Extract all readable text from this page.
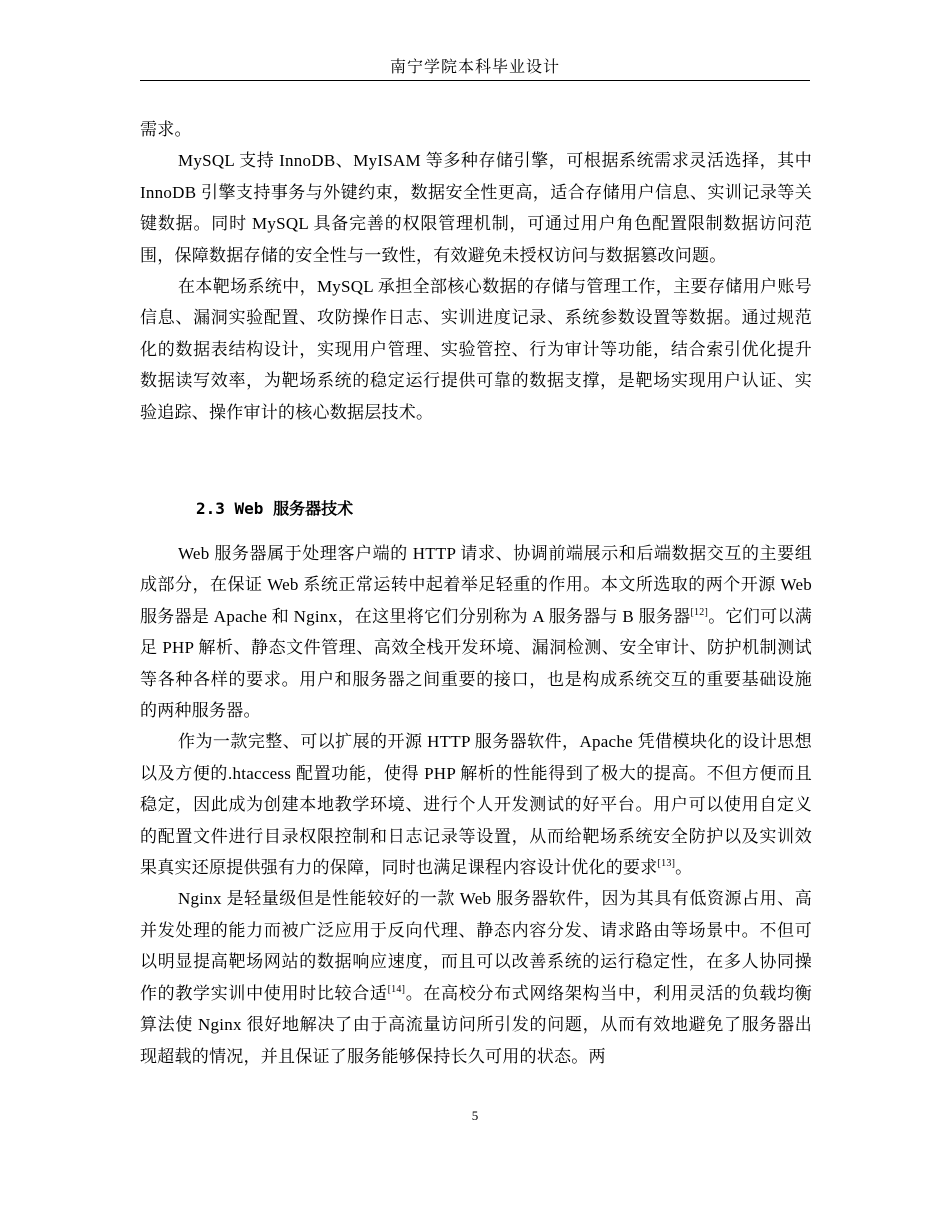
南宁学院本科毕业设计

需求。

MySQL 支持 InnoDB、MyISAM 等多种存储引擎，可根据系统需求灵活选择，其中 InnoDB 引擎支持事务与外键约束，数据安全性更高，适合存储用户信息、实训记录等关键数据。同时 MySQL 具备完善的权限管理机制，可通过用户角色配置限制数据访问范围，保障数据存储的安全性与一致性，有效避免未授权访问与数据篡改问题。

在本靶场系统中，MySQL 承担全部核心数据的存储与管理工作，主要存储用户账号信息、漏洞实验配置、攻防操作日志、实训进度记录、系统参数设置等数据。通过规范化的数据表结构设计，实现用户管理、实验管控、行为审计等功能，结合索引优化提升数据读写效率，为靶场系统的稳定运行提供可靠的数据支撑，是靶场实现用户认证、实验追踪、操作审计的核心数据层技术。

2.3 Web 服务器技术

Web 服务器属于处理客户端的 HTTP 请求、协调前端展示和后端数据交互的主要组成部分，在保证 Web 系统正常运转中起着举足轻重的作用。本文所选取的两个开源 Web 服务器是 Apache 和 Nginx，在这里将它们分别称为 A 服务器与 B 服务器[12]。它们可以满足 PHP 解析、静态文件管理、高效全栈开发环境、漏洞检测、安全审计、防护机制测试等各种各样的要求。用户和服务器之间重要的接口，也是构成系统交互的重要基础设施的两种服务器。

作为一款完整、可以扩展的开源 HTTP 服务器软件，Apache 凭借模块化的设计思想以及方便的.htaccess 配置功能，使得 PHP 解析的性能得到了极大的提高。不但方便而且稳定，因此成为创建本地教学环境、进行个人开发测试的好平台。用户可以使用自定义的配置文件进行目录权限控制和日志记录等设置，从而给靶场系统安全防护以及实训效果真实还原提供强有力的保障，同时也满足课程内容设计优化的要求[13]。

Nginx 是轻量级但是性能较好的一款 Web 服务器软件，因为其具有低资源占用、高并发处理的能力而被广泛应用于反向代理、静态内容分发、请求路由等场景中。不但可以明显提高靶场网站的数据响应速度，而且可以改善系统的运行稳定性，在多人协同操作的教学实训中使用时比较合适[14]。在高校分布式网络架构当中，利用灵活的负载均衡算法使 Nginx 很好地解决了由于高流量访问所引发的问题，从而有效地避免了服务器出现超载的情况，并且保证了服务能够保持长久可用的状态。两

5
